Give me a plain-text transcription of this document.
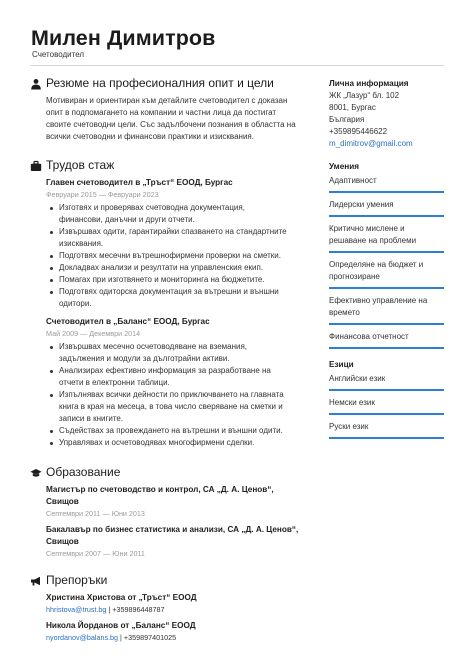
Милен Димитров
Счетоводител
Резюме на професионалния опит и цели

Мотивиран и ориентиран към детайлите счетоводител с доказан
опит в подпомагането на компании и частни лица да постигат
своите счетоводни цели. Със задълбочени познания в областта на
всички счетоводни и финансови практики и изисквания.

Трудов стаж
Главен счетоводител в „Тръст“ ЕООД, Бургас
Февруари 2015 — Февруари 2023
Изготвях и проверявах счетоводна документация,
финансови, данъчни и други отчети.
Извършвах одити, гарантирайки спазването на стандартните
изисквания.
Подготвях месечни вътрешнофирмени проверки на сметки.
Докладвах анализи и резултати на управленския екип.
Помагах при изготвянето и мониторинга на бюджетите.
Подготвях одиторска документация за вътрешни и външни
одитори.
Счетоводител в „Баланс“ ЕООД, Бургас
Май 2009 — Декември 2014
Извършвах месечно осчетоводяване на вземания,
задължения и модули за дълготрайни активи.
Анализирах ефективно информация за разработване на
отчети в електронни таблици.
Изпълнявах всички дейности по приключването на главната
книга в края на месеца, в това число сверяване на сметки и
записи в книгите.
Съдействах за провеждането на вътрешни и външни одити.
Управлявах и осчетоводявах многофирмени сделки.
Образование
Магистър по счетоводство и контрол, СА „Д. А. Ценов“, Свищов
Септември 2011 — Юни 2013
Бакалавър по бизнес статистика и анализи, СА „Д. А. Ценов“,
Свищов
Септември 2007 — Юни 2011
Препоръки
Христина Христова от „Тръст“ ЕООД
hhristova@trust.bg | +359896448787
Никола Йорданов от „Баланс“ ЕООД
nyordanov@balans.bg | +359897401025
Лична информация
ЖК „Лазур“ бл. 102
8001, Бургас
България
+359895446622
m_dimitrov@gmail.com
Умения
Адаптивност
Лидерски умения
Критично мислене и
решаване на проблеми
Определяне на бюджет и
прогнозиране
Ефективно управление на
времето
Финансова отчетност
Езици
Английски език
Немски език
Руски език
